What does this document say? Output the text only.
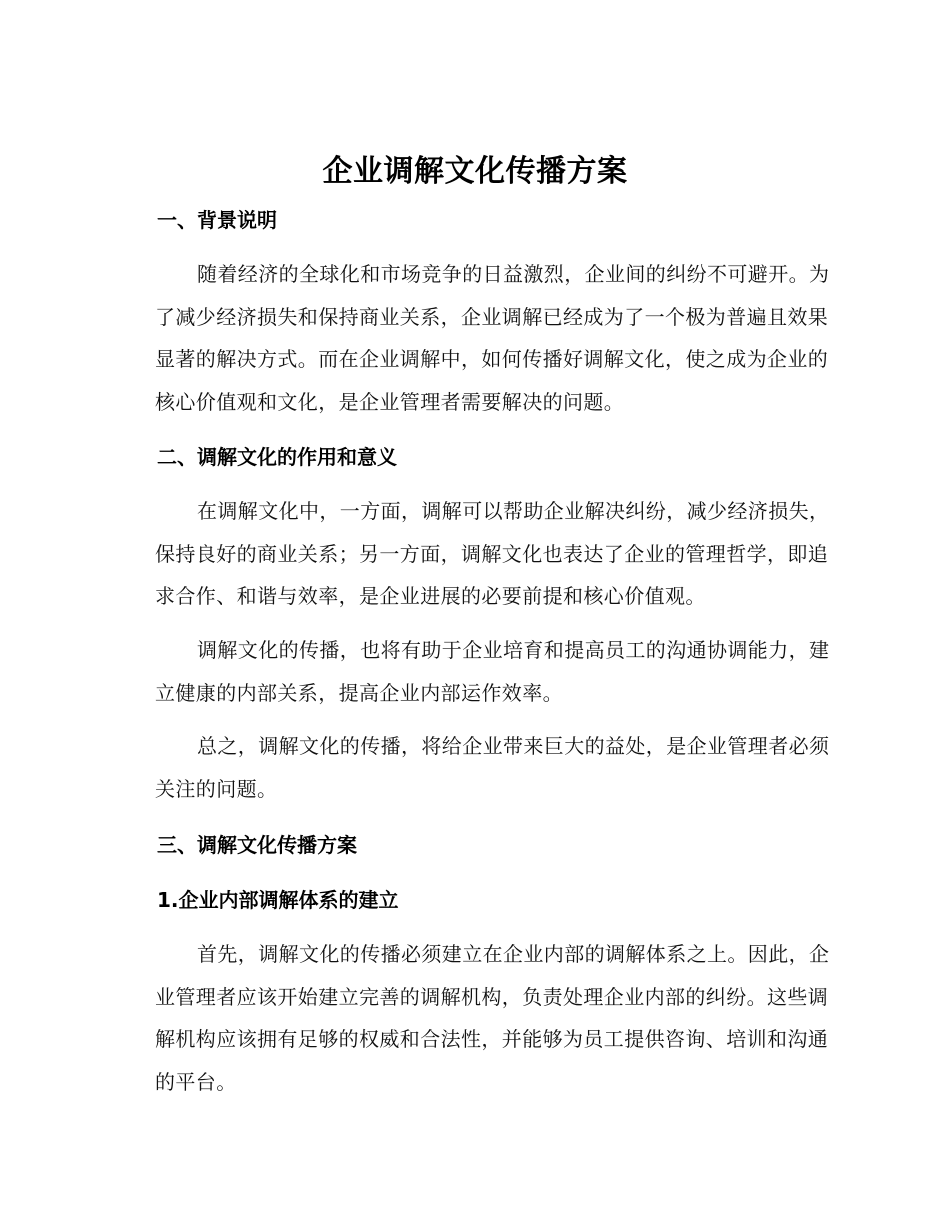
企业调解文化传播方案
一、背景说明
随着经济的全球化和市场竞争的日益激烈，企业间的纠纷不可避开。为
了减少经济损失和保持商业关系，企业调解已经成为了一个极为普遍且效果
显著的解决方式。而在企业调解中，如何传播好调解文化，使之成为企业的
核心价值观和文化，是企业管理者需要解决的问题。
二、调解文化的作用和意义
在调解文化中，一方面，调解可以帮助企业解决纠纷，减少经济损失，
保持良好的商业关系；另一方面，调解文化也表达了企业的管理哲学，即追
求合作、和谐与效率，是企业进展的必要前提和核心价值观。
调解文化的传播，也将有助于企业培育和提高员工的沟通协调能力，建
立健康的内部关系，提高企业内部运作效率。
总之，调解文化的传播，将给企业带来巨大的益处，是企业管理者必须
关注的问题。
三、调解文化传播方案
1.企业内部调解体系的建立
首先，调解文化的传播必须建立在企业内部的调解体系之上。因此，企
业管理者应该开始建立完善的调解机构，负责处理企业内部的纠纷。这些调
解机构应该拥有足够的权威和合法性，并能够为员工提供咨询、培训和沟通
的平台。
